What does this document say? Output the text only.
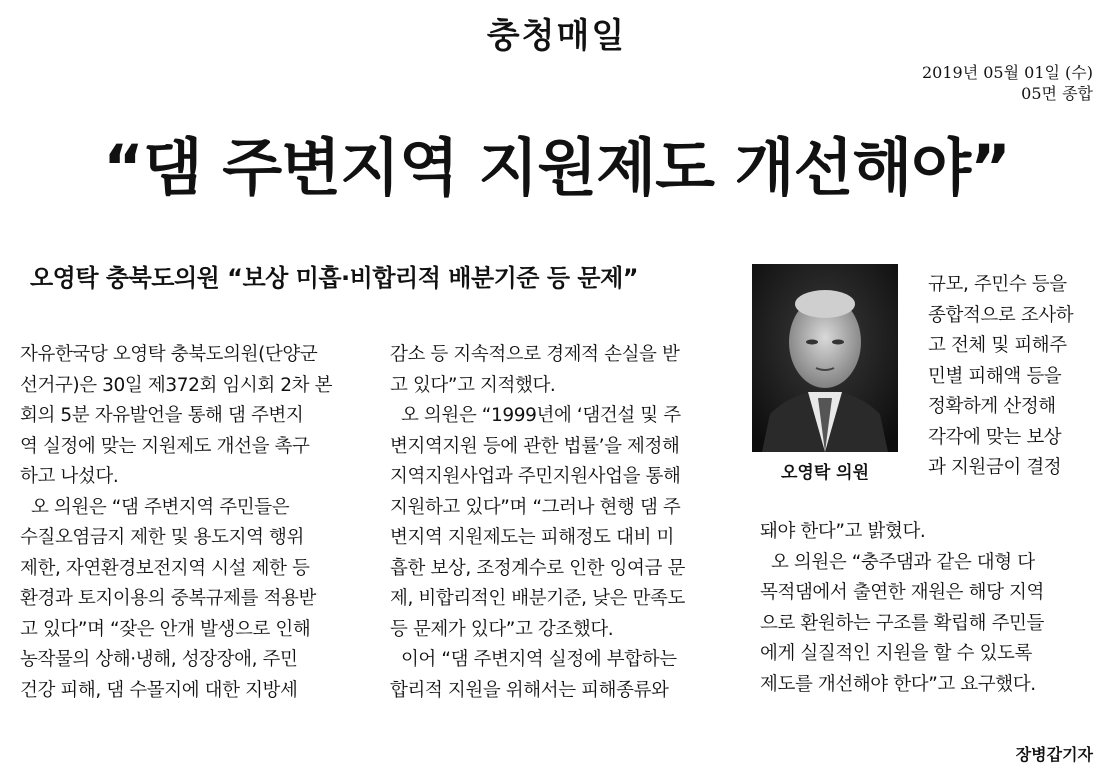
충청매일
2019년 05월 01일 (수)
05면 종합
“댐 주변지역 지원제도 개선해야”
오영탁 충북도의원 “보상 미흡·비합리적 배분기준 등 문제”

자유한국당 오영탁 충북도의원(단양군

선거구)은 30일 제372회 임시회 2차 본

회의 5분 자유발언을 통해 댐 주변지

역 실정에 맞는 지원제도 개선을 촉구

하고 나섰다.

오 의원은 “댐 주변지역 주민들은

수질오염금지 제한 및 용도지역 행위

제한, 자연환경보전지역 시설 제한 등

환경과 토지이용의 중복규제를 적용받

고 있다”며 “잦은 안개 발생으로 인해

농작물의 상해·냉해, 성장장애, 주민

건강 피해, 댐 수몰지에 대한 지방세

감소 등 지속적으로 경제적 손실을 받

고 있다”고 지적했다.

오 의원은 “1999년에 ‘댐건설 및 주

변지역지원 등에 관한 법률’을 제정해

지역지원사업과 주민지원사업을 통해

지원하고 있다”며 “그러나 현행 댐 주

변지역 지원제도는 피해정도 대비 미

흡한 보상, 조정계수로 인한 잉여금 문

제, 비합리적인 배분기준, 낮은 만족도

등 문제가 있다”고 강조했다.

이어 “댐 주변지역 실정에 부합하는

합리적 지원을 위해서는 피해종류와

규모, 주민수 등을

종합적으로 조사하

고 전체 및 피해주

민별 피해액 등을

정확하게 산정해

각각에 맞는 보상

과 지원금이 결정

돼야 한다”고 밝혔다.

오 의원은 “충주댐과 같은 대형 다

목적댐에서 출연한 재원은 해당 지역

으로 환원하는 구조를 확립해 주민들

에게 실질적인 지원을 할 수 있도록

제도를 개선해야 한다”고 요구했다.

오영탁 의원
장병갑기자
